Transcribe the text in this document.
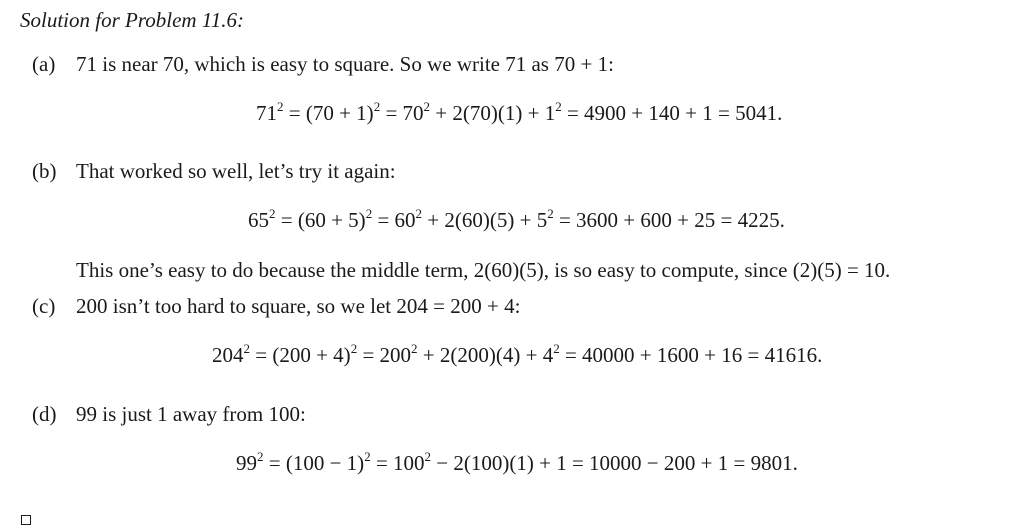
Solution for Problem 11.6:
(a) 71 is near 70, which is easy to square. So we write 71 as 70 + 1:
$71^2 = (70 + 1)^2 = 70^2 + 2(70)(1) + 1^2 = 4900 + 140 + 1 = 5041$.
(b) That worked so well, let’s try it again:
$65^2 = (60 + 5)^2 = 60^2 + 2(60)(5) + 5^2 = 3600 + 600 + 25 = 4225$.
This one’s easy to do because the middle term, 2(60)(5), is so easy to compute, since (2)(5) = 10.
(c) 200 isn’t too hard to square, so we let 204 = 200 + 4:
$204^2 = (200 + 4)^2 = 200^2 + 2(200)(4) + 4^2 = 40000 + 1600 + 16 = 41616$.
(d) 99 is just 1 away from 100:
$99^2 = (100 - 1)^2 = 100^2 - 2(100)(1) + 1 = 10000 - 200 + 1 = 9801$.
